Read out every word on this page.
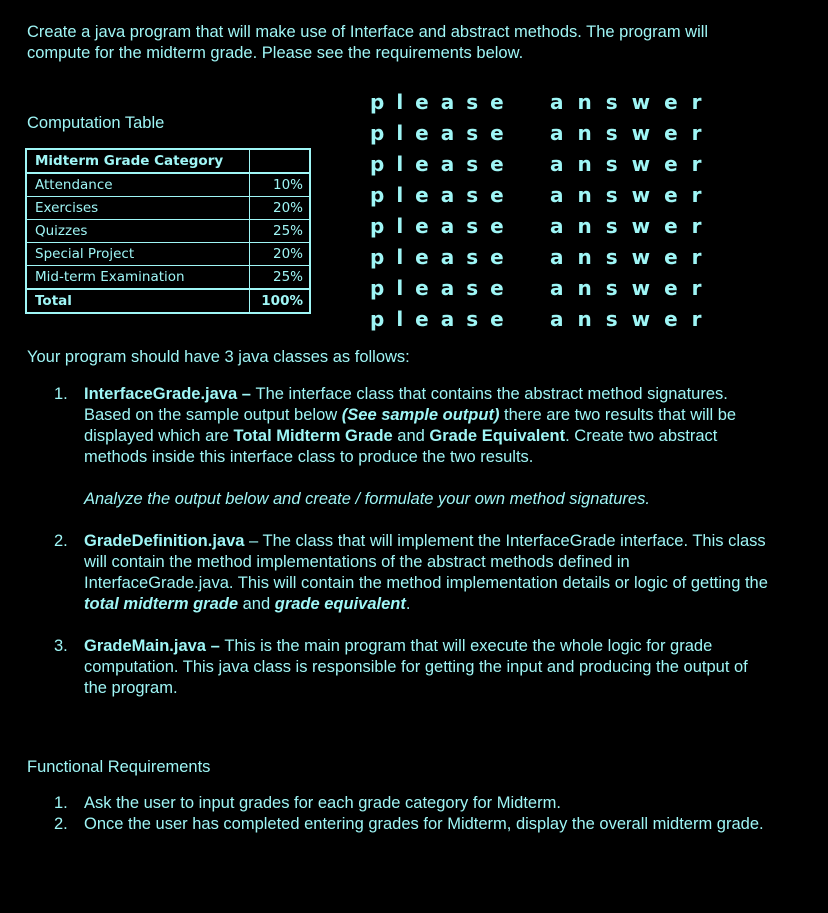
Create a java program that will make use of Interface and abstract methods. The program will compute for the midterm grade. Please see the requirements below.
Computation Table
Midterm Grade Category	
Attendance	10%
Exercises	20%
Quizzes	25%
Special Project	20%
Mid-term Examination	25%
Total	100%
please	answer
please	answer
please	answer
please	answer
please	answer
please	answer
please	answer
please	answer
Your program should have 3 java classes as follows:
1. InterfaceGrade.java – The interface class that contains the abstract method signatures. Based on the sample output below (See sample output) there are two results that will be displayed which are Total Midterm Grade and Grade Equivalent. Create two abstract methods inside this interface class to produce the two results.
Analyze the output below and create / formulate your own method signatures.
2. GradeDefinition.java – The class that will implement the InterfaceGrade interface. This class will contain the method implementations of the abstract methods defined in InterfaceGrade.java. This will contain the method implementation details or logic of getting the total midterm grade and grade equivalent.
3. GradeMain.java – This is the main program that will execute the whole logic for grade computation. This java class is responsible for getting the input and producing the output of the program.
Functional Requirements
1. Ask the user to input grades for each grade category for Midterm.
2. Once the user has completed entering grades for Midterm, display the overall midterm grade.
